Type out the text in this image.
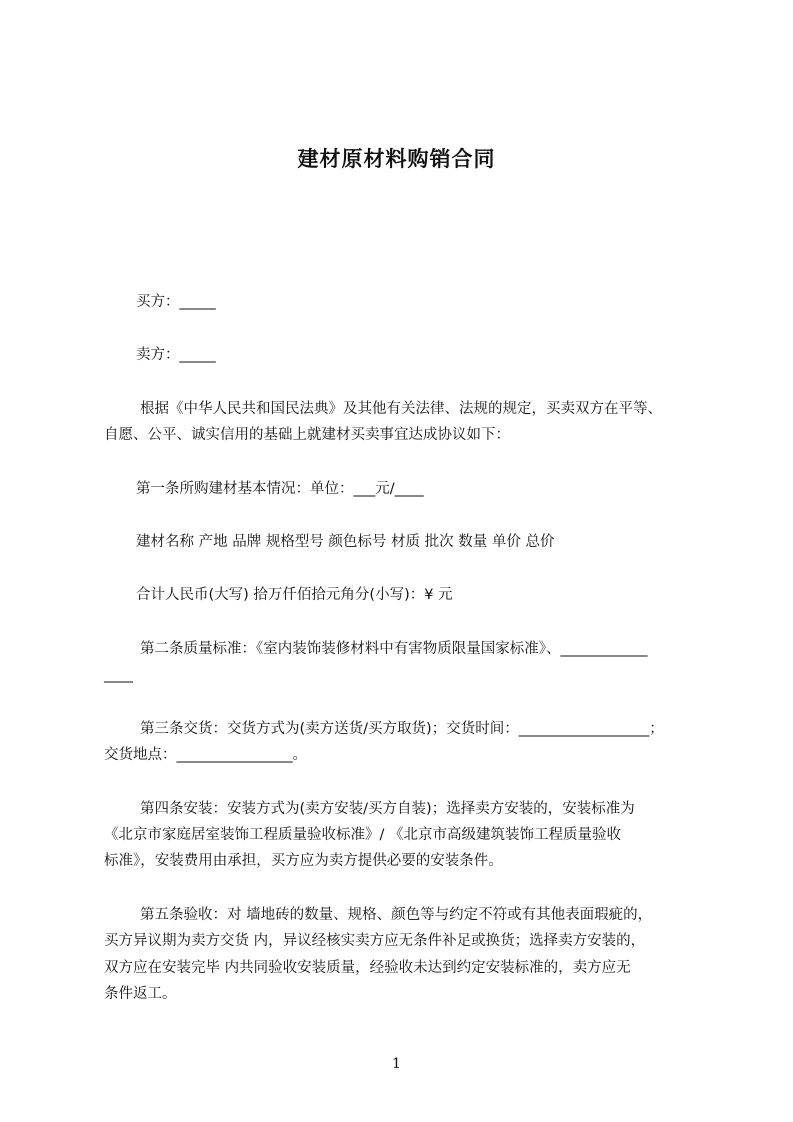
建材原材料购销合同
买方：_____
卖方：_____
根据《中华人民共和国民法典》及其他有关法律、法规的规定，买卖双方在平等、
自愿、公平、诚实信用的基础上就建材买卖事宜达成协议如下：
第一条所购建材基本情况：单位：___元/____
建材名称 产地 品牌 规格型号 颜色标号 材质 批次 数量 单价 总价
合计人民币(大写) 拾万仟佰拾元角分(小写)：¥ 元
第二条质量标准：《室内装饰装修材料中有害物质限量国家标准》、____________
____
第三条交货：交货方式为(卖方送货/买方取货)；交货时间：__________________；
交货地点：________________。
第四条安装：安装方式为(卖方安装/买方自装)；选择卖方安装的，安装标准为
《北京市家庭居室装饰工程质量验收标准》/ 《北京市高级建筑装饰工程质量验收
标准》，安装费用由承担，买方应为卖方提供必要的安装条件。
第五条验收：对 墙地砖的数量、规格、颜色等与约定不符或有其他表面瑕疵的，
买方异议期为卖方交货 内，异议经核实卖方应无条件补足或换货；选择卖方安装的，
双方应在安装完毕 内共同验收安装质量，经验收未达到约定安装标准的，卖方应无
条件返工。
1
